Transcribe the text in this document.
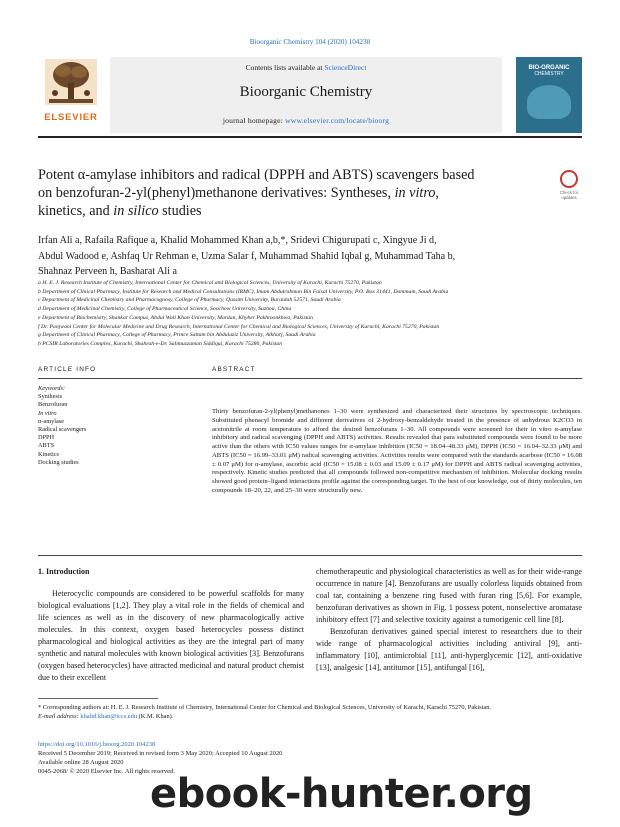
Bioorganic Chemistry 104 (2020) 104238
ELSEVIER
Contents lists available at ScienceDirect
Bioorganic Chemistry
journal homepage: www.elsevier.com/locate/bioorg
BIO-ORGANIC
CHEMISTRY
Potent α-amylase inhibitors and radical (DPPH and ABTS) scavengers based
on benzofuran-2-yl(phenyl)methanone derivatives: Syntheses, in vitro,
kinetics, and in silico studies
Check for updates
Irfan Ali a, Rafaila Rafique a, Khalid Mohammed Khan a,b,*, Sridevi Chigurupati c, Xingyue Ji d,
Abdul Wadood e, Ashfaq Ur Rehman e, Uzma Salar f, Muhammad Shahid Iqbal g, Muhammad Taha b,
Shahnaz Perveen h, Basharat Ali a
a H. E. J. Research Institute of Chemistry, International Center for Chemical and Biological Sciences, University of Karachi, Karachi 75270, Pakistan
b Department of Clinical Pharmacy, Institute for Research and Medical Consultations (IRMC), Imam Abdulrahman Bin Faisal University, P.O. Box 31441, Dammam, Saudi Arabia
c Department of Medicinal Chemistry and Pharmacognosy, College of Pharmacy, Qassim University, Buraidah 52571, Saudi Arabia
d Department of Medicinal Chemistry, College of Pharmaceutical Science, Soochow University, Suzhou, China
e Department of Biochemistry, Shankar Campus, Abdul Wali Khan University, Mardan, Khyber Pakhtoonkhwa, Pakistan
f Dr. Panjwani Center for Molecular Medicine and Drug Research, International Center for Chemical and Biological Sciences, University of Karachi, Karachi 75270, Pakistan
g Department of Clinical Pharmacy, College of Pharmacy, Prince Sattam bin Abdulaziz University, Alkharj, Saudi Arabia
h PCSIR Laboratories Complex, Karachi, Shahrah-e-Dr. Salimuzzaman Siddiqui, Karachi 75280, Pakistan
ARTICLE INFO	ABSTRACT
Keywords:
Synthesis
Benzofuran
In vitro
α-amylase
Radical scavengers
DPPH
ABTS
Kinetics
Docking studies
Thirty benzofuran-2-yl(phenyl)methanones 1–30 were synthesized and characterized their structures by spectroscopic techniques. Substituted phenacyl bromide and different derivatives of 2-hydroxy-benzaldehyde treated in the presence of anhydrous K2CO3 in acetonitrile at room temperature to afford the desired benzofurans 1–30. All compounds were screened for their in vitro α-amylase inhibitory and radical scavenging (DPPH and ABTS) activities. Results revealed that para substituted compounds were found to be more active than the others with IC50 values ranges for α-amylase inhibition (IC50 = 18.04–48.33 μM), DPPH (IC50 = 16.04–32.33 μM) and ABTS (IC50 = 16.99–33.01 μM) radical scavenging activities. Activities results were compared with the standards acarbose (IC50 = 16.08 ± 0.07 μM) for α-amylase, ascorbic acid (IC50 = 15.08 ± 0.03 and 15.09 ± 0.17 μM) for DPPH and ABTS radical scavenging activities, respectively. Kinetic studies predicted that all compounds followed non-competitive mechanism of inhibition. Molecular docking results showed good protein–ligand interactions profile against the corresponding target. To the best of our knowledge, out of thirty molecules, ten compounds 18–20, 22, and 25–30 were structurally new.
1. Introduction

Heterocyclic compounds are considered to be powerful scaffolds for many biological evaluations [1,2]. They play a vital role in the fields of chemical and life sciences as well as in the discovery of new pharmacologically active molecules. In this context, oxygen based heterocycles possess distinct pharmacological and biological activities as they are the integral part of many synthetic and natural molecules with known biological activities [3]. Benzofurans (oxygen based heterocycles) have attracted medicinal and natural product chemist due to their excellent

chemotherapeutic and physiological characteristics as well as for their wide-range occurrence in nature [4]. Benzofurans are usually colorless liquids obtained from coal tar, containing a benzene ring fused with furan ring [5,6]. For example, benzofuran derivatives as shown in Fig. 1 possess potent, nonselective aromatase inhibitory effect [7] and selective toxicity against a tumorigenic cell line [8].

Benzofuran derivatives gained special interest to researchers due to their wide range of pharmacological activities including antiviral [9], anti-inflammatory [10], antimicrobial [11], anti-hyperglycemic [12], anti-oxidative [13], analgesic [14], antitumor [15], antifungal [16],

* Corresponding authors at: H. E. J. Research Institute of Chemistry, International Center for Chemical and Biological Sciences, University of Karachi, Karachi 75270, Pakistan.
E-mail address: khalid.khan@iccs.edu (K.M. Khan).
https://doi.org/10.1016/j.bioorg.2020.104238
Received 5 December 2019; Received in revised form 3 May 2020; Accepted 10 August 2020
Available online 28 August 2020
0045-2068/ © 2020 Elsevier Inc. All rights reserved.
ebook-hunter.org
